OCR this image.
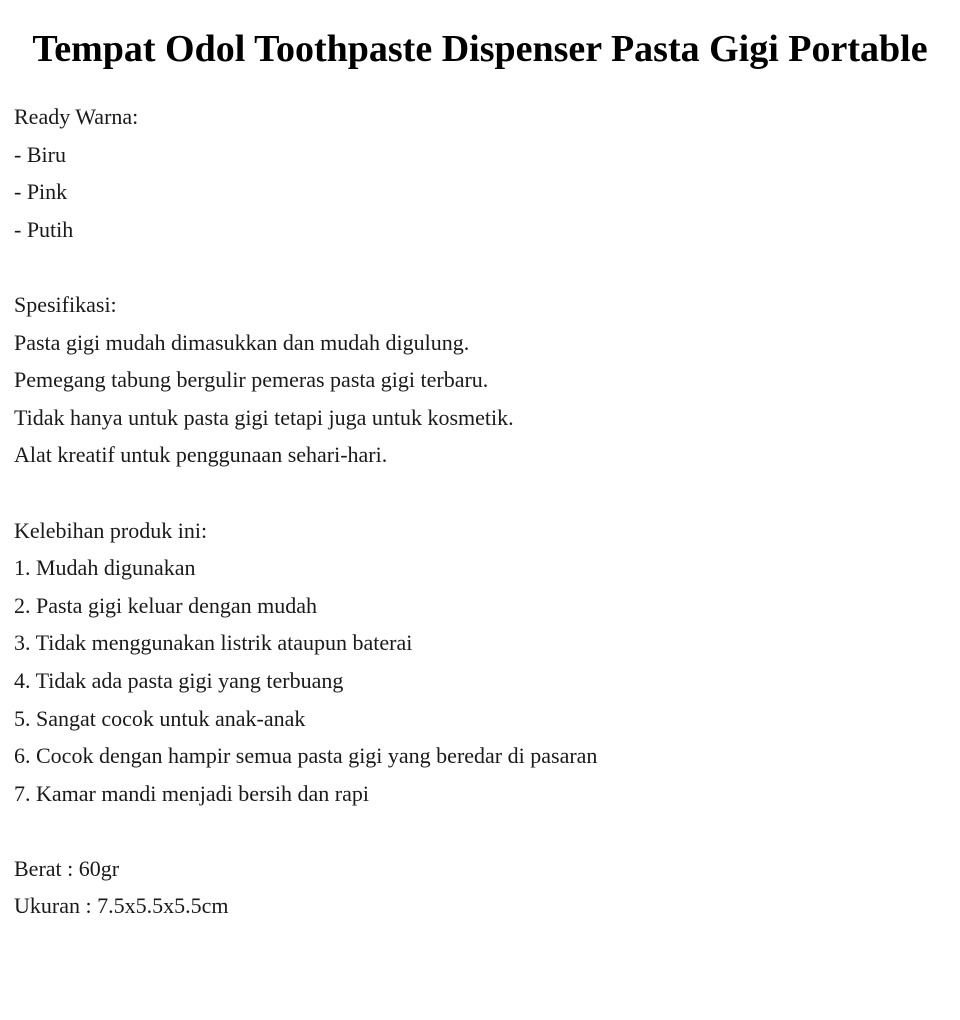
Tempat Odol Toothpaste Dispenser Pasta Gigi Portable
Ready Warna:
- Biru
- Pink
- Putih
Spesifikasi:
Pasta gigi mudah dimasukkan dan mudah digulung.
Pemegang tabung bergulir pemeras pasta gigi terbaru.
Tidak hanya untuk pasta gigi tetapi juga untuk kosmetik.
Alat kreatif untuk penggunaan sehari-hari.
Kelebihan produk ini:
1. Mudah digunakan
2. Pasta gigi keluar dengan mudah
3. Tidak menggunakan listrik ataupun baterai
4. Tidak ada pasta gigi yang terbuang
5. Sangat cocok untuk anak-anak
6. Cocok dengan hampir semua pasta gigi yang beredar di pasaran
7. Kamar mandi menjadi bersih dan rapi
Berat : 60gr
Ukuran : 7.5x5.5x5.5cm
